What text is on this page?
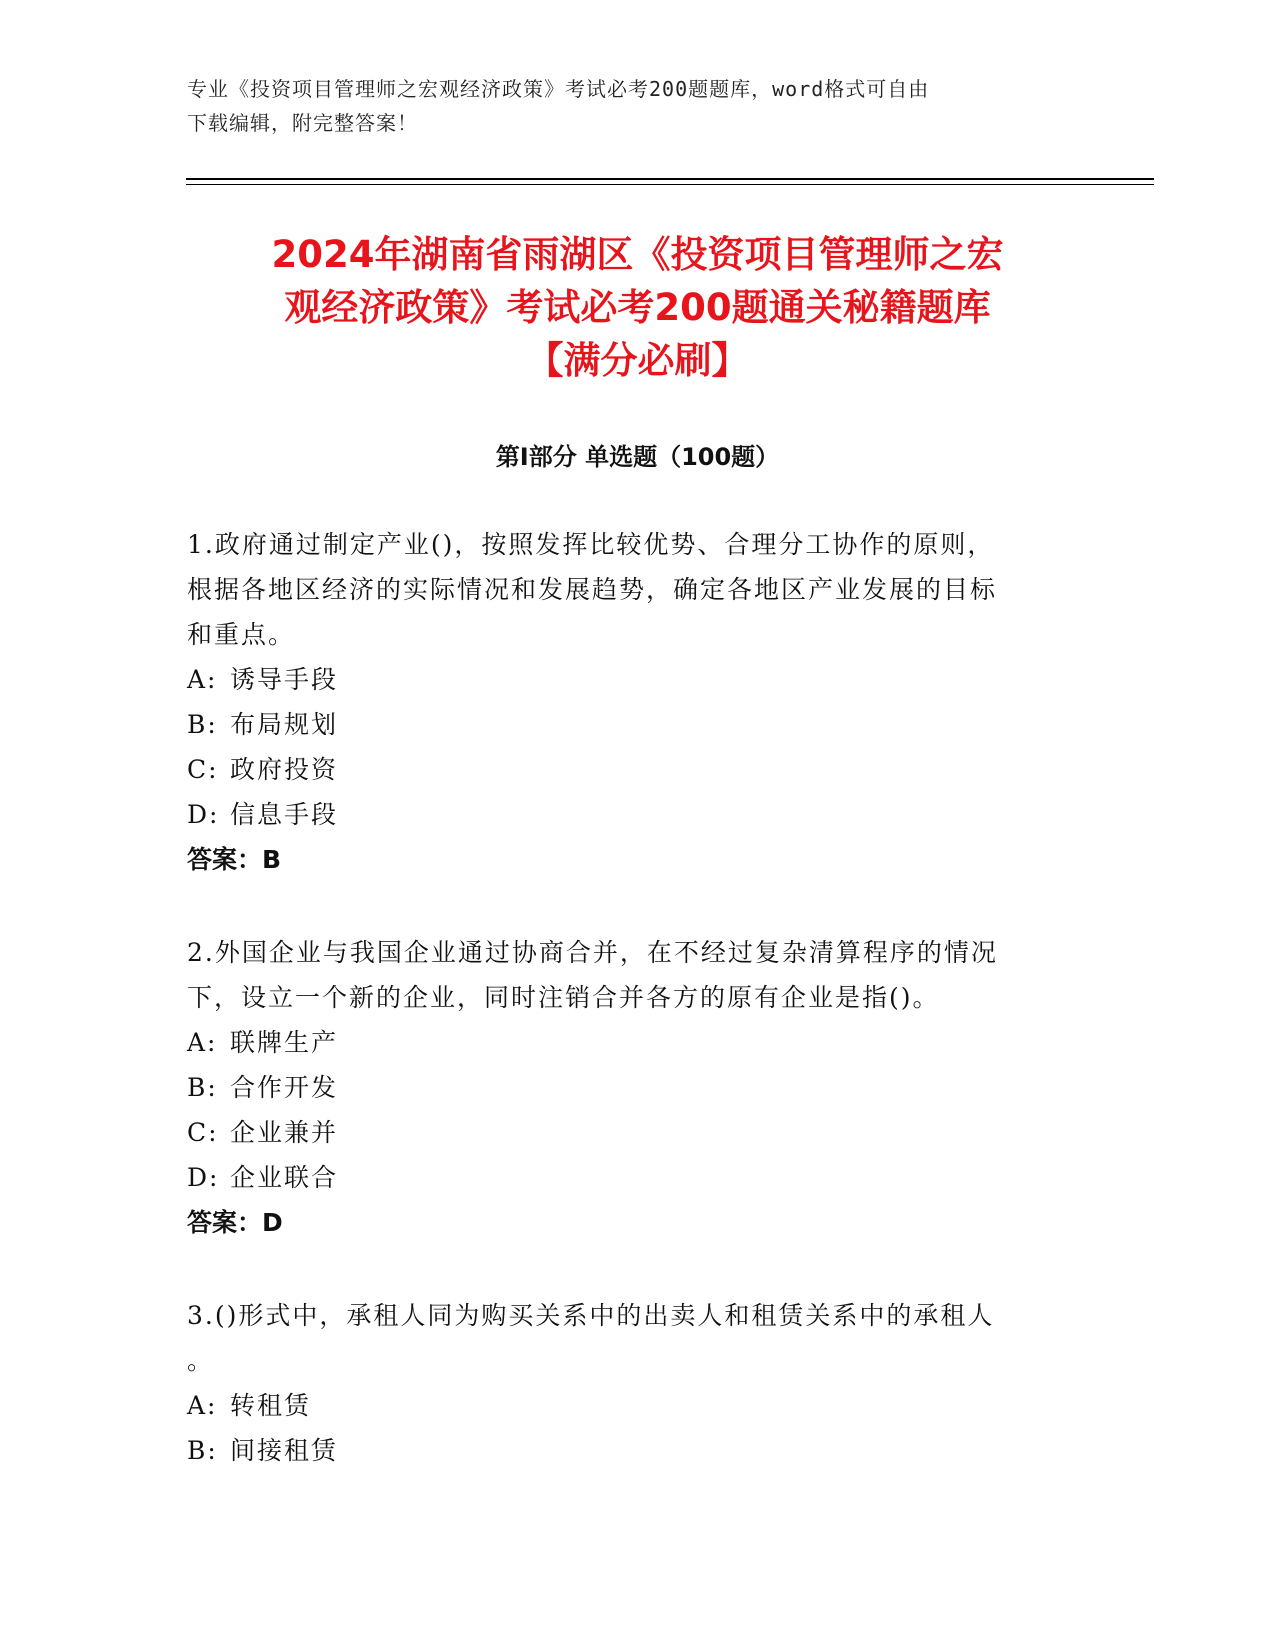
专业《投资项目管理师之宏观经济政策》考试必考200题题库，word格式可自由
下载编辑，附完整答案！
2024年湖南省雨湖区《投资项目管理师之宏
观经济政策》考试必考200题通关秘籍题库
【满分必刷】
第Ⅰ部分 单选题（100题）
1.政府通过制定产业()，按照发挥比较优势、合理分工协作的原则，
根据各地区经济的实际情况和发展趋势，确定各地区产业发展的目标
和重点。
A: 诱导手段
B: 布局规划
C: 政府投资
D: 信息手段
答案：B
2.外国企业与我国企业通过协商合并，在不经过复杂清算程序的情况
下，设立一个新的企业，同时注销合并各方的原有企业是指()。
A: 联牌生产
B: 合作开发
C: 企业兼并
D: 企业联合
答案：D
3.()形式中，承租人同为购买关系中的出卖人和租赁关系中的承租人
。
A: 转租赁
B: 间接租赁
